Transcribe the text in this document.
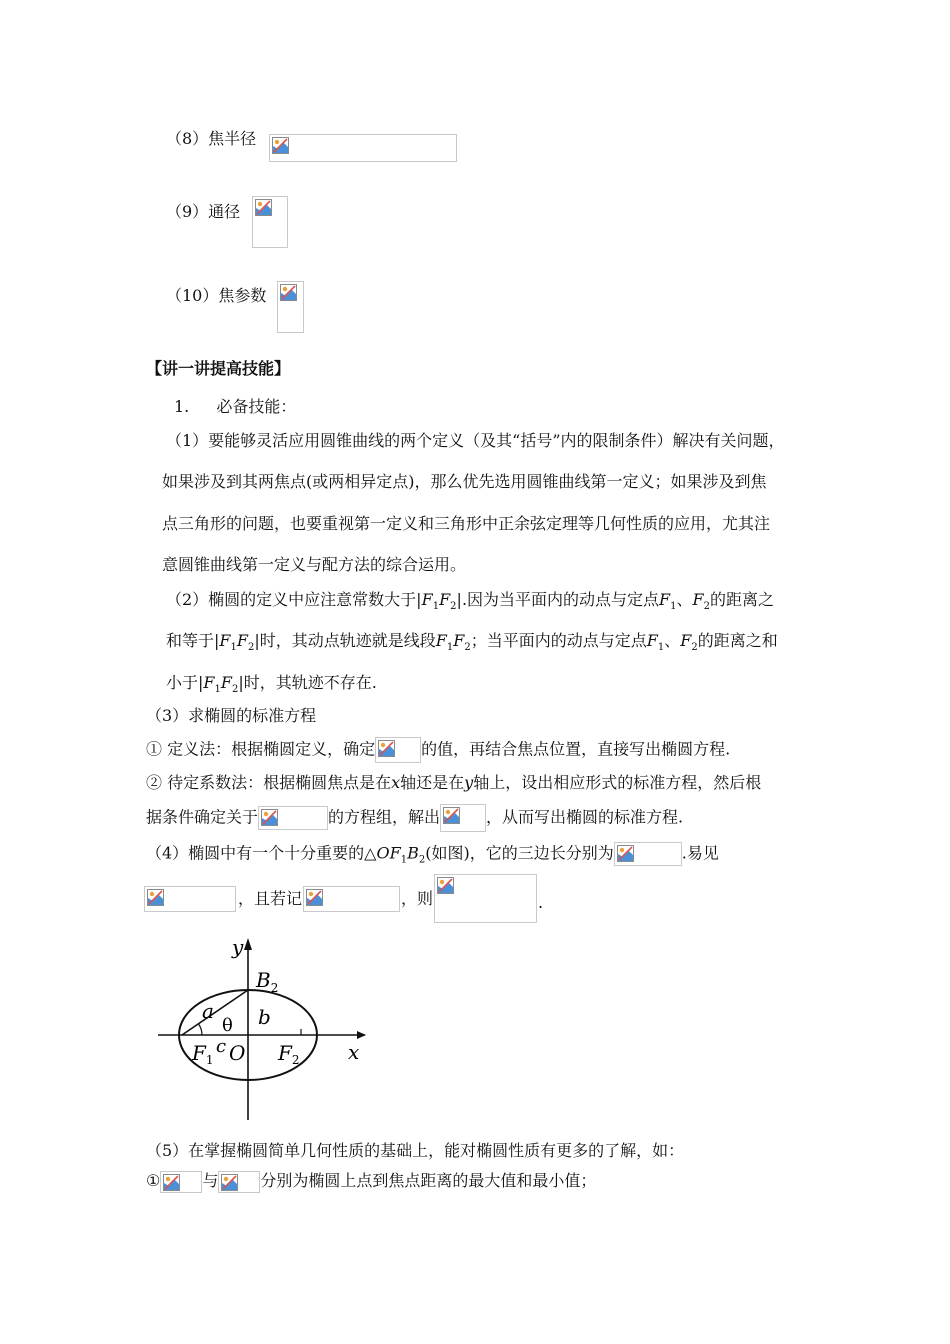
（8）焦半径
（9）通径
（10）焦参数
【讲一讲提高技能】
1. 必备技能：
（1）要能够灵活应用圆锥曲线的两个定义（及其“括号”内的限制条件）解决有关问题，
如果涉及到其两焦点(或两相异定点)，那么优先选用圆锥曲线第一定义；如果涉及到焦
点三角形的问题，也要重视第一定义和三角形中正余弦定理等几何性质的应用，尤其注
意圆锥曲线第一定义与配方法的综合运用。
（2）椭圆的定义中应注意常数大于$|F_1F_2|$.因为当平面内的动点与定点$F_1$、$F_2$的距离之
和等于$|F_1F_2|$时，其动点轨迹就是线段$F_1F_2$；当平面内的动点与定点$F_1$、$F_2$的距离之和
小于$|F_1F_2|$时，其轨迹不存在.
（3）求椭圆的标准方程
① 定义法：根据椭圆定义，确定	的值，再结合焦点位置，直接写出椭圆方程.
② 待定系数法：根据椭圆焦点是在x轴还是在y轴上，设出相应形式的标准方程，然后根
据条件确定关于	的方程组，解出	，从而写出椭圆的标准方程.
（4）椭圆中有一个十分重要的$\triangle OF_1B_2$(如图)，它的三边长分别为	.易见
，且若记	，则	.
y
x
$B_2$
a b
θ
$F_1$
c O $F_2$
（5）在掌握椭圆简单几何性质的基础上，能对椭圆性质有更多的了解，如：
①	与	分别为椭圆上点到焦点距离的最大值和最小值；
